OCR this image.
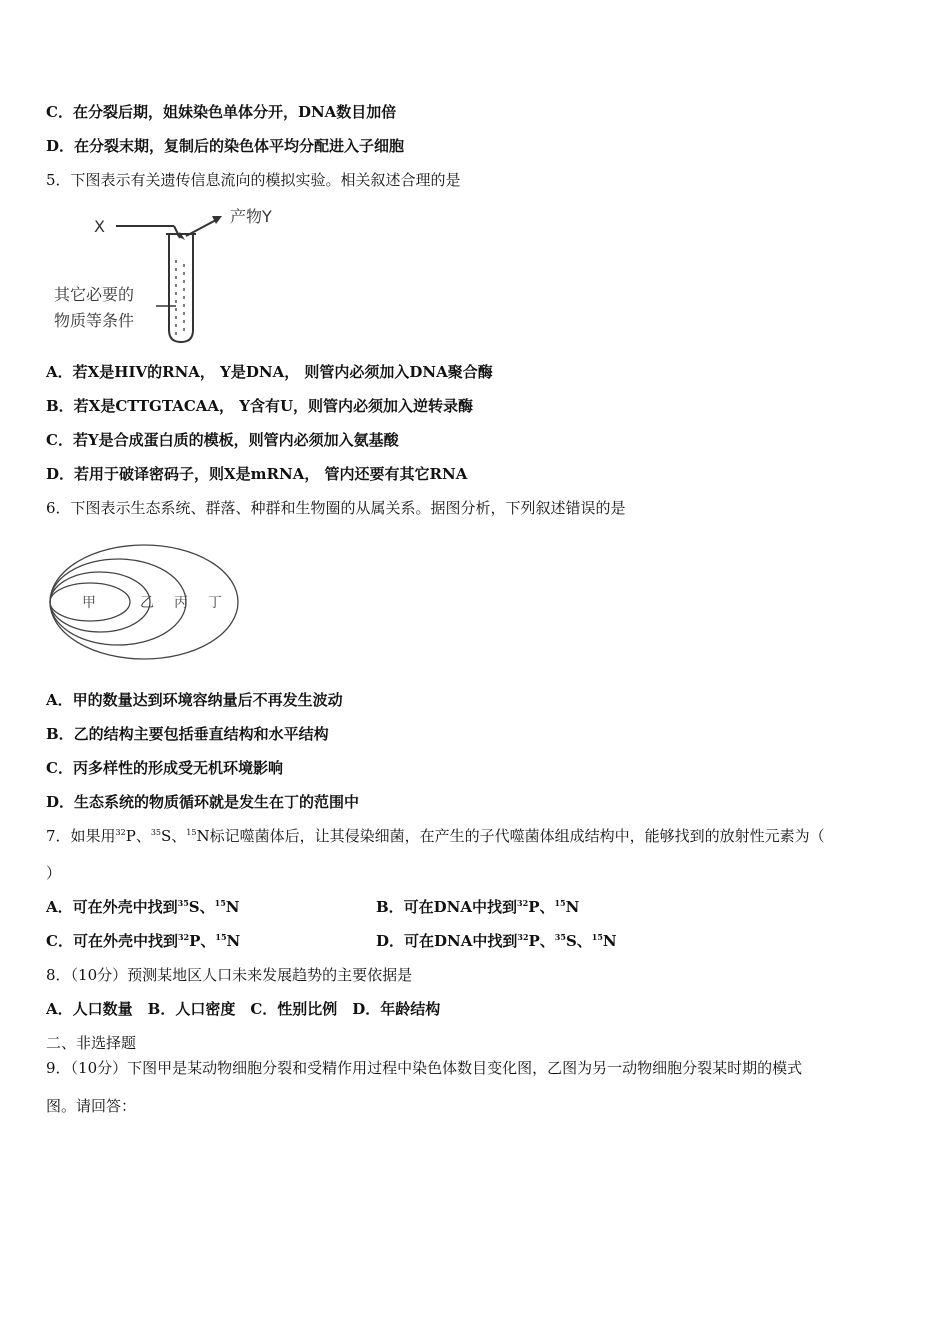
C．在分裂后期，姐妹染色单体分开，DNA数目加倍
D．在分裂末期，复制后的染色体平均分配进入子细胞
5．下图表示有关遗传信息流向的模拟实验。相关叙述合理的是
X
产物Y
其它必要的
物质等条件
A．若X是HIV的RNA， Y是DNA， 则管内必须加入DNA聚合酶
B．若X是CTTGTACAA， Y含有U，则管内必须加入逆转录酶
C．若Y是合成蛋白质的模板，则管内必须加入氨基酸
D．若用于破译密码子，则X是mRNA， 管内还要有其它RNA
6．下图表示生态系统、群落、种群和生物圈的从属关系。据图分析，下列叙述错误的是
甲	乙 丙 丁
A．甲的数量达到环境容纳量后不再发生波动
B．乙的结构主要包括垂直结构和水平结构
C．丙多样性的形成受无机环境影响
D．生态系统的物质循环就是发生在丁的范围中
7．如果用$^{32}$P、$^{35}$S、$^{15}$N标记噬菌体后，让其侵染细菌，在产生的子代噬菌体组成结构中，能够找到的放射性元素为（
）
A．可在外壳中找到$^{35}$S、$^{15}$N	B．可在DNA中找到$^{32}$P、$^{15}$N
C．可在外壳中找到$^{32}$P、$^{15}$N	D．可在DNA中找到$^{32}$P、$^{35}$S、$^{15}$N
8．（10分）预测某地区人口未来发展趋势的主要依据是
A．人口数量　B．人口密度　C．性别比例　D．年龄结构
二、非选择题
9．（10分）下图甲是某动物细胞分裂和受精作用过程中染色体数目变化图，乙图为另一动物细胞分裂某时期的模式
图。请回答：
